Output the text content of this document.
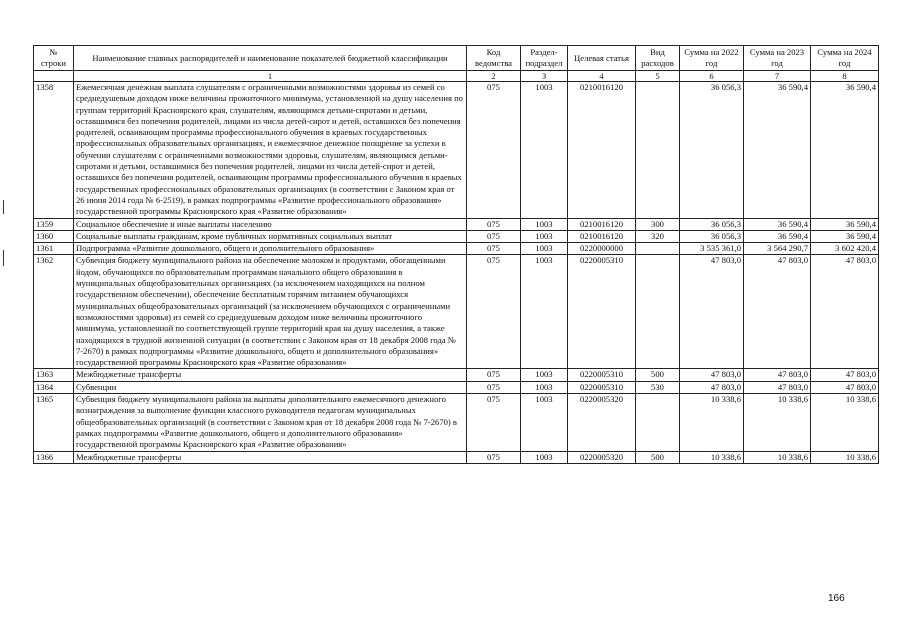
№ строки	Наименование главных распорядителей и наименование показателей бюджетной классификации	Код ведомства	Раздел-подраздел	Целевая статья	Вид расходов	Сумма на 2022 год	Сумма на 2023 год	Сумма на 2024 год
	1	2	3	4	5	6	7	8
1358	Ежемесячная денежная выплата слушателям с ограниченными возможностями здоровья из семей со среднедушевым доходом ниже величины прожиточного минимума, установленной на душу населения по группам территорий Красноярского края, слушателям, являющимся детьми-сиротами и детьми, оставшимися без попечения родителей, лицами из числа детей-сирот и детей, оставшихся без попечения родителей, осваивающим программы профессионального обучения в краевых государственных профессиональных образовательных организациях, и ежемесячное денежное поощрение за успехи в обучении слушателям с ограниченными возможностями здоровья, слушателям, являющимся детьми-сиротами и детьми, оставшимися без попечения родителей, лицами из числа детей-сирот и детей, оставшихся без попечения родителей, осваивающим программы профессионального обучения в краевых государственных профессиональных образовательных организациях (в соответствии с Законом края от 26 июня 2014 года № 6-2519), в рамках подпрограммы «Развитие профессионального образования» государственной программы Красноярского края «Развитие образования»	075	1003	0210016120		36 056,3	36 590,4	36 590,4
1359	Социальное обеспечение и иные выплаты населению	075	1003	0210016120	300	36 056,3	36 590,4	36 590,4
1360	Социальные выплаты гражданам, кроме публичных нормативных социальных выплат	075	1003	0210016120	320	36 056,3	36 590,4	36 590,4
1361	Подпрограмма «Развитие дошкольного, общего и дополнительного образования»	075	1003	0220000000		3 535 361,0	3 564 290,7	3 602 420,4
1362	Субвенция бюджету муниципального района на обеспечение молоком и продуктами, обогащенными йодом, обучающихся по образовательным программам начального общего образования в муниципальных общеобразовательных организациях (за исключением находящихся на полном государственном обеспечении), обеспечение бесплатным горячим питанием обучающихся муниципальных общеобразовательных организаций (за исключением обучающихся с ограниченными возможностями здоровья) из семей со среднедушевым доходом ниже величины прожиточного минимума, установленной по соответствующей группе территорий края на душу населения, а также находящихся в трудной жизненной ситуации (в соответствии с Законом края от 18 декабря 2008 года № 7-2670) в рамках подпрограммы «Развитие дошкольного, общего и дополнительного образования» государственной программы Красноярского края «Развитие образования»	075	1003	0220005310		47 803,0	47 803,0	47 803,0
1363	Межбюджетные трансферты	075	1003	0220005310	500	47 803,0	47 803,0	47 803,0
1364	Субвенции	075	1003	0220005310	530	47 803,0	47 803,0	47 803,0
1365	Субвенция бюджету муниципального района на выплаты дополнительного ежемесячного денежного вознаграждения за выполнение функции классного руководителя педагогам муниципальных общеобразовательных организаций (в соответствии с Законом края от 18 декабря 2008 года № 7-2670) в рамках подпрограммы «Развитие дошкольного, общего и дополнительного образования» государственной программы Красноярского края «Развитие образования»	075	1003	0220005320		10 338,6	10 338,6	10 338,6
1366	Межбюджетные трансферты	075	1003	0220005320	500	10 338,6	10 338,6	10 338,6
166
